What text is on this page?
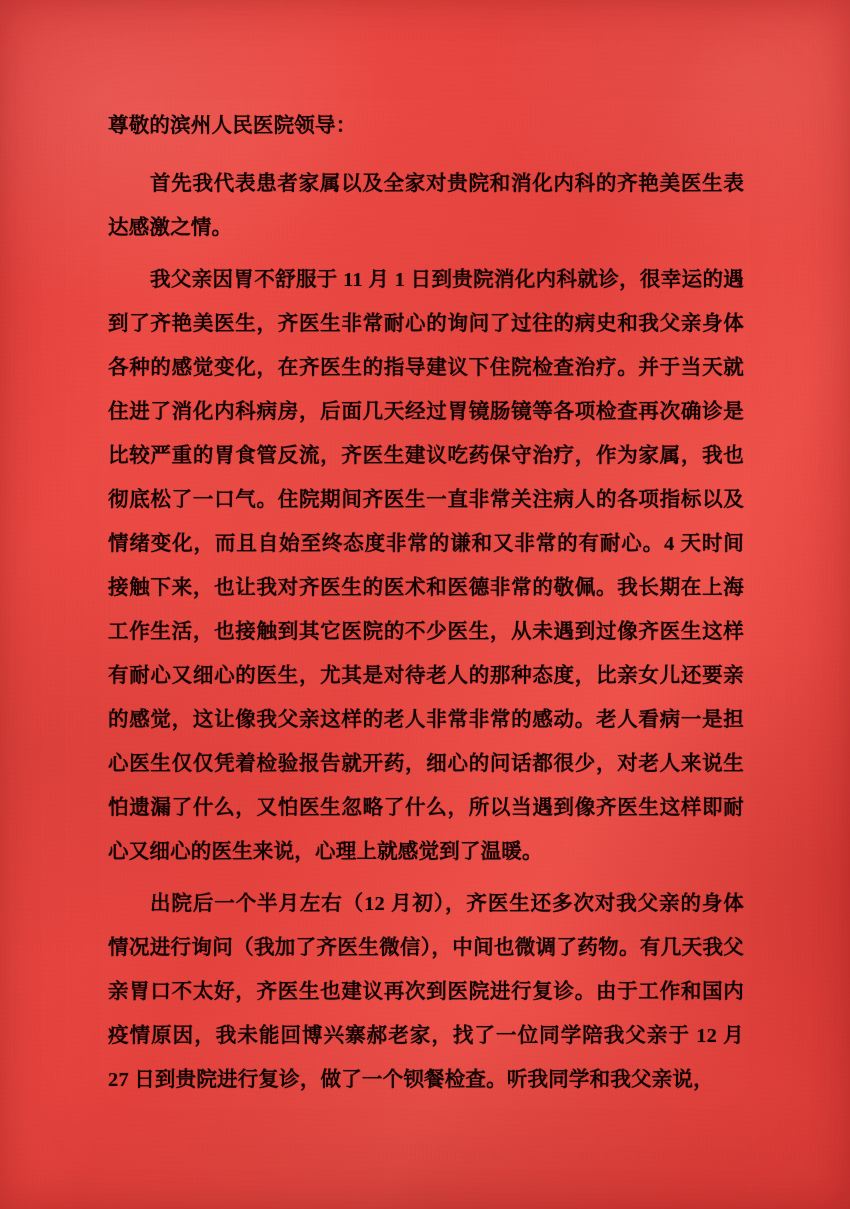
尊敬的滨州人民医院领导：

首先我代表患者家属以及全家对贵院和消化内科的齐艳美医生表达感激之情。

我父亲因胃不舒服于 11 月 1 日到贵院消化内科就诊，很幸运的遇到了齐艳美医生，齐医生非常耐心的询问了过往的病史和我父亲身体各种的感觉变化，在齐医生的指导建议下住院检查治疗。并于当天就住进了消化内科病房，后面几天经过胃镜肠镜等各项检查再次确诊是比较严重的胃食管反流，齐医生建议吃药保守治疗，作为家属，我也彻底松了一口气。住院期间齐医生一直非常关注病人的各项指标以及情绪变化，而且自始至终态度非常的谦和又非常的有耐心。4 天时间接触下来，也让我对齐医生的医术和医德非常的敬佩。我长期在上海工作生活，也接触到其它医院的不少医生，从未遇到过像齐医生这样有耐心又细心的医生，尤其是对待老人的那种态度，比亲女儿还要亲的感觉，这让像我父亲这样的老人非常非常的感动。老人看病一是担心医生仅仅凭着检验报告就开药，细心的问话都很少，对老人来说生怕遗漏了什么，又怕医生忽略了什么，所以当遇到像齐医生这样即耐心又细心的医生来说，心理上就感觉到了温暖。

出院后一个半月左右（12 月初），齐医生还多次对我父亲的身体情况进行询问（我加了齐医生微信），中间也微调了药物。有几天我父亲胃口不太好，齐医生也建议再次到医院进行复诊。由于工作和国内疫情原因，我未能回博兴寨郝老家，找了一位同学陪我父亲于 12 月 27 日到贵院进行复诊，做了一个钡餐检查。听我同学和我父亲说，
